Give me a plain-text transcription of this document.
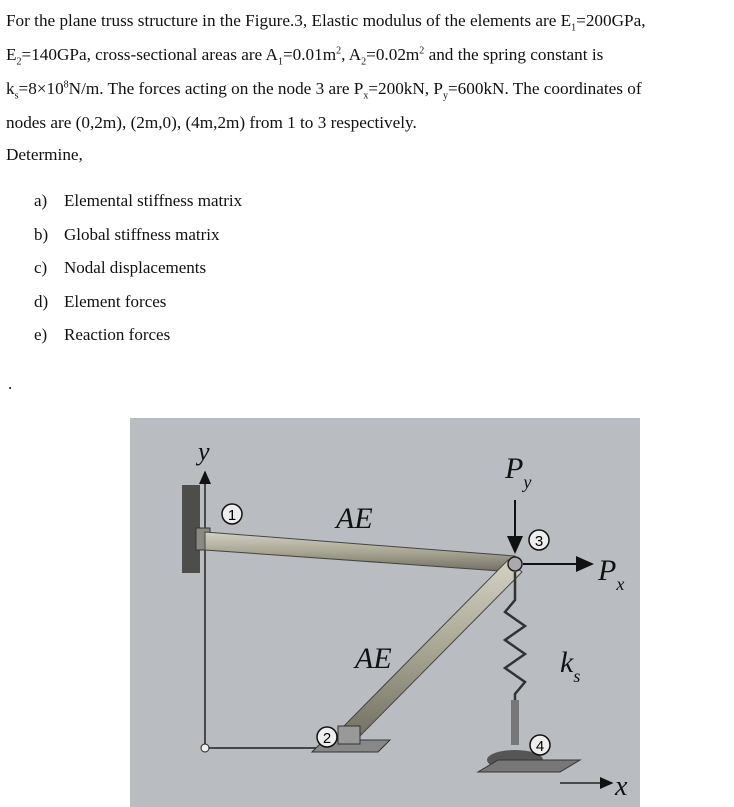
For the plane truss structure in the Figure.3, Elastic modulus of the elements are $E_1=200GPa$,
$E_2=140GPa$, cross-sectional areas are $A_1=0.01m^2$, $A_2=0.02m^2$ and the spring constant is
$k_s=8\times 10^8N/m$. The forces acting on the node 3 are $P_x=200kN$, $P_y=600kN$. The coordinates of
nodes are (0,2m), (2m,0), (4m,2m) from 1 to 3 respectively.
Determine,
a) Elemental stiffness matrix
b) Global stiffness matrix
c) Nodal displacements
d) Element forces
e) Reaction forces
.
y
x
1
2
3
4
AE
AE
$P_y$
$P_x$
$k_s$
